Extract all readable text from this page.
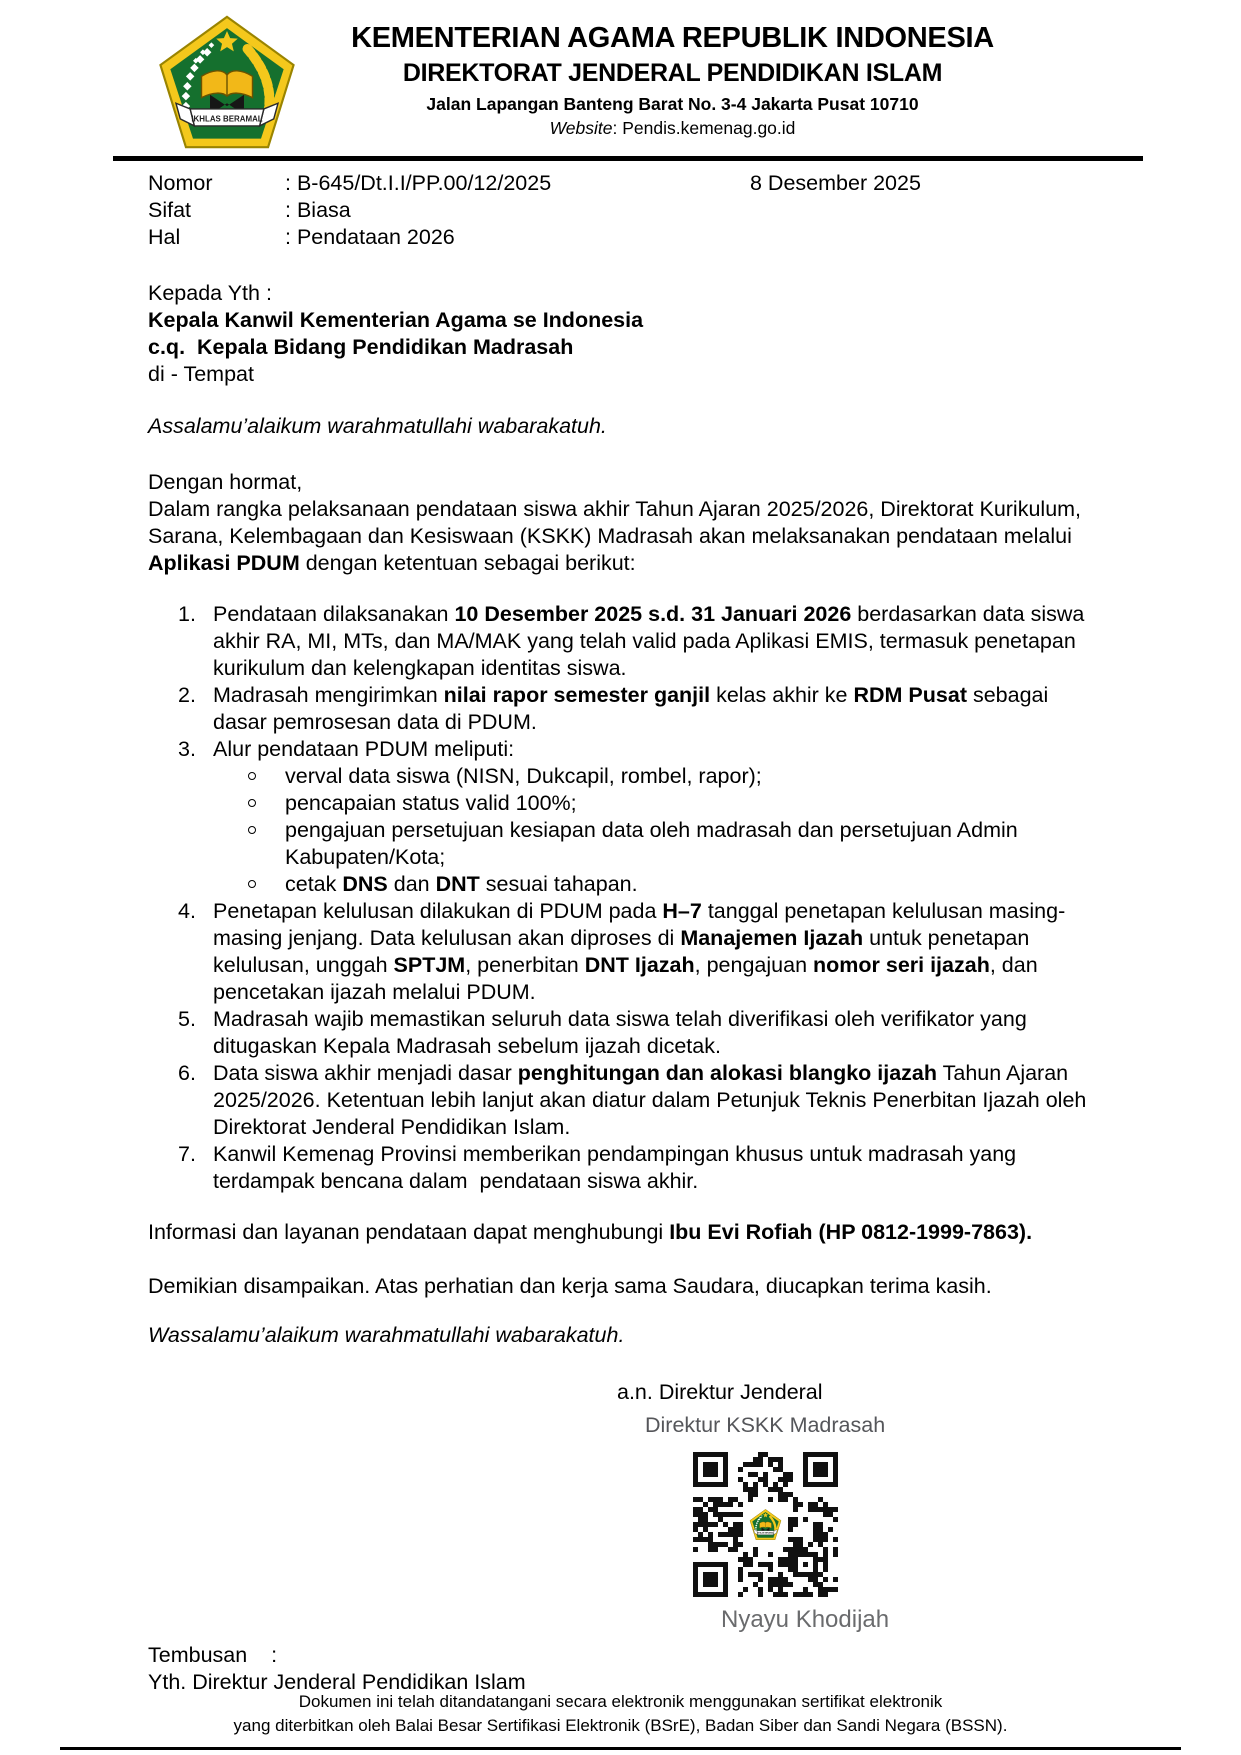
KEMENTERIAN AGAMA REPUBLIK INDONESIA
DIREKTORAT JENDERAL PENDIDIKAN ISLAM
Jalan Lapangan Banteng Barat No. 3-4 Jakarta Pusat 10710
Website: Pendis.kemenag.go.id
Nomor	: B-645/Dt.I.I/PP.00/12/2025
Sifat	: Biasa
Hal	: Pendataan 2026
8 Desember 2025
Kepada Yth :
Kepala Kanwil Kementerian Agama se Indonesia
c.q.  Kepala Bidang Pendidikan Madrasah
di - Tempat
Assalamu’alaikum warahmatullahi wabarakatuh.
Dengan hormat,
Dalam rangka pelaksanaan pendataan siswa akhir Tahun Ajaran 2025/2026, Direktorat Kurikulum, Sarana, Kelembagaan dan Kesiswaan (KSKK) Madrasah akan melaksanakan pendataan melalui Aplikasi PDUM dengan ketentuan sebagai berikut:
1. Pendataan dilaksanakan 10 Desember 2025 s.d. 31 Januari 2026 berdasarkan data siswa akhir RA, MI, MTs, dan MA/MAK yang telah valid pada Aplikasi EMIS, termasuk penetapan kurikulum dan kelengkapan identitas siswa.
2. Madrasah mengirimkan nilai rapor semester ganjil kelas akhir ke RDM Pusat sebagai dasar pemrosesan data di PDUM.
3. Alur pendataan PDUM meliputi:
verval data siswa (NISN, Dukcapil, rombel, rapor);
pencapaian status valid 100%;
pengajuan persetujuan kesiapan data oleh madrasah dan persetujuan Admin Kabupaten/Kota;
cetak DNS dan DNT sesuai tahapan.
4. Penetapan kelulusan dilakukan di PDUM pada H–7 tanggal penetapan kelulusan masing-masing jenjang. Data kelulusan akan diproses di Manajemen Ijazah untuk penetapan kelulusan, unggah SPTJM, penerbitan DNT Ijazah, pengajuan nomor seri ijazah, dan pencetakan ijazah melalui PDUM.
5. Madrasah wajib memastikan seluruh data siswa telah diverifikasi oleh verifikator yang ditugaskan Kepala Madrasah sebelum ijazah dicetak.
6. Data siswa akhir menjadi dasar penghitungan dan alokasi blangko ijazah Tahun Ajaran 2025/2026. Ketentuan lebih lanjut akan diatur dalam Petunjuk Teknis Penerbitan Ijazah oleh Direktorat Jenderal Pendidikan Islam.
7. Kanwil Kemenag Provinsi memberikan pendampingan khusus untuk madrasah yang terdampak bencana dalam  pendataan siswa akhir.
Informasi dan layanan pendataan dapat menghubungi Ibu Evi Rofiah (HP 0812-1999-7863).
Demikian disampaikan. Atas perhatian dan kerja sama Saudara, diucapkan terima kasih.
Wassalamu’alaikum warahmatullahi wabarakatuh.
a.n. Direktur Jenderal
Direktur KSKK Madrasah
Nyayu Khodijah
Tembusan    :
Yth. Direktur Jenderal Pendidikan Islam
Dokumen ini telah ditandatangani secara elektronik menggunakan sertifikat elektronik
yang diterbitkan oleh Balai Besar Sertifikasi Elektronik (BSrE), Badan Siber dan Sandi Negara (BSSN).
